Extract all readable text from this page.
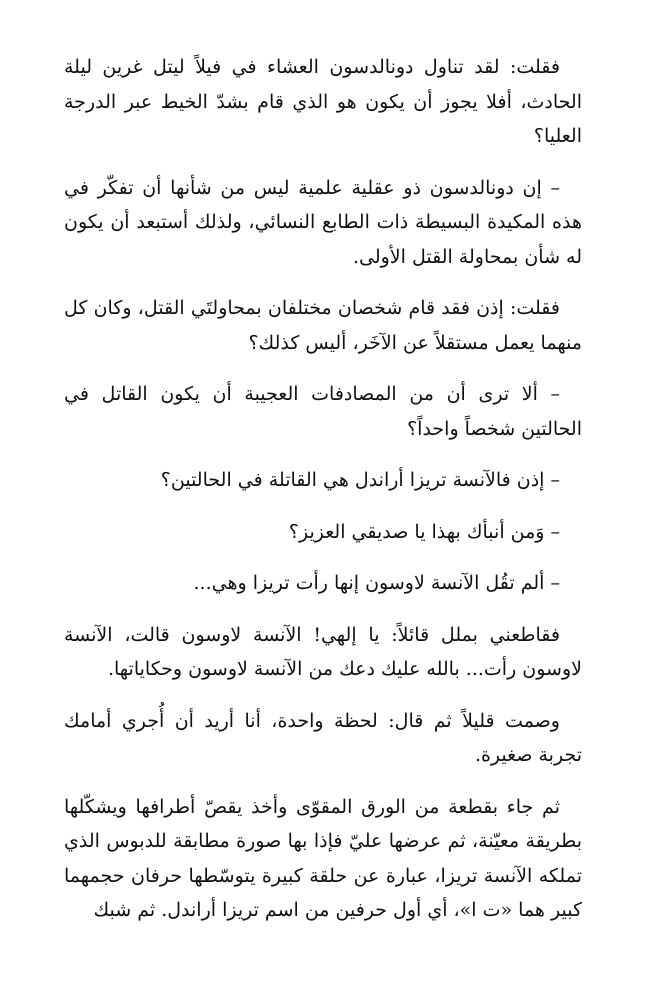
فقلت: لقد تناول دونالدسون العشاء في فيلاً ليتل غرين ليلة الحادث، أفلا يجوز أن يكون هو الذي قام بشدّ الخيط عبر الدرجة العليا؟

– إن دونالدسون ذو عقلية علمية ليس من شأنها أن تفكّر في هذه المكيدة البسيطة ذات الطابع النسائي، ولذلك أستبعد أن يكون له شأن بمحاولة القتل الأولى.

فقلت: إذن فقد قام شخصان مختلفان بمحاولتَي القتل، وكان كل منهما يعمل مستقلاً عن الآخَر، أليس كذلك؟

– ألا ترى أن من المصادفات العجيبة أن يكون القاتل في الحالتين شخصاً واحداً؟

– إذن فالآنسة تريزا أراندل هي القاتلة في الحالتين؟

– وَمن أنبأك بهذا يا صديقي العزيز؟

– ألم تقُل الآنسة لاوسون إنها رأت تريزا وهي...

فقاطعني بملل قائلاً: يا إلهي! الآنسة لاوسون قالت، الآنسة لاوسون رأت... بالله عليك دعك من الآنسة لاوسون وحكاياتها.

وصمت قليلاً ثم قال: لحظة واحدة، أنا أريد أن أُجري أمامك تجربة صغيرة.

ثم جاء بقطعة من الورق المقوّى وأخذ يقصّ أطرافها ويشكّلها بطريقة معيّنة، ثم عرضها عليّ فإذا بها صورة مطابقة للدبوس الذي تملكه الآنسة تريزا، عبارة عن حلقة كبيرة يتوسّطها حرفان حجمهما كبير هما «ت ا»، أي أول حرفين من اسم تريزا أراندل. ثم شبك
